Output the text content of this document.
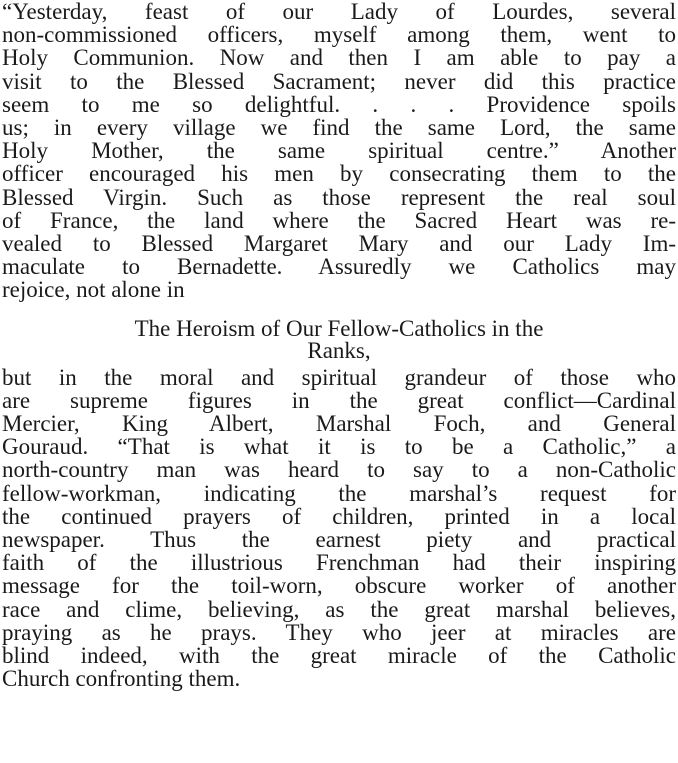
“Yesterday, feast of our Lady of Lourdes, several
non-commissioned officers, myself among them, went to
Holy Communion. Now and then I am able to pay a
visit to the Blessed Sacrament; never did this practice
seem to me so delightful. . . . Providence spoils
us; in every village we find the same Lord, the same
Holy Mother, the same spiritual centre.” Another
officer encouraged his men by consecrating them to the
Blessed Virgin. Such as those represent the real soul
of France, the land where the Sacred Heart was re-
vealed to Blessed Margaret Mary and our Lady Im-
maculate to Bernadette. Assuredly we Catholics may
rejoice, not alone in
The Heroism of Our Fellow-Catholics in the
Ranks,
but in the moral and spiritual grandeur of those who
are supreme figures in the great conflict—Cardinal
Mercier, King Albert, Marshal Foch, and General
Gouraud. “That is what it is to be a Catholic,” a
north-country man was heard to say to a non-Catholic
fellow-workman, indicating the marshal’s request for
the continued prayers of children, printed in a local
newspaper. Thus the earnest piety and practical
faith of the illustrious Frenchman had their inspiring
message for the toil-worn, obscure worker of another
race and clime, believing, as the great marshal believes,
praying as he prays. They who jeer at miracles are
blind indeed, with the great miracle of the Catholic
Church confronting them.
